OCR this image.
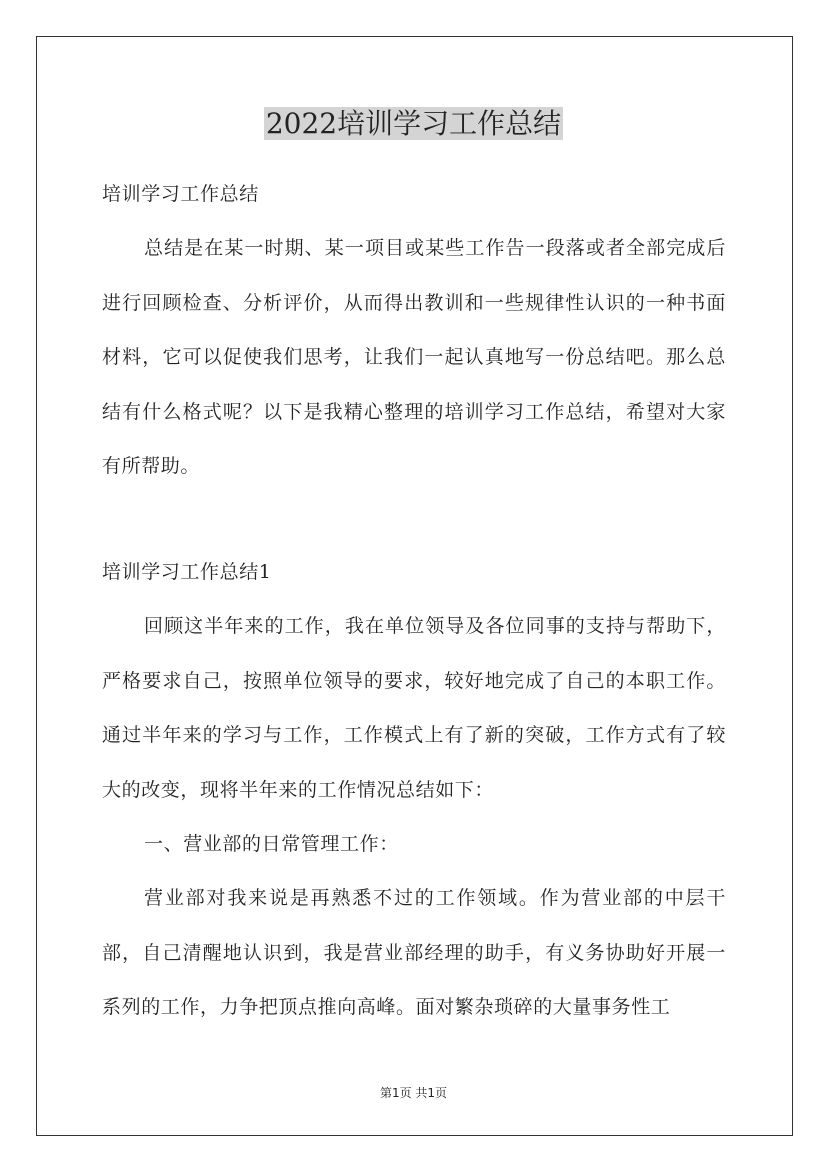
2022培训学习工作总结

培训学习工作总结

总结是在某一时期、某一项目或某些工作告一段落或者全部完成后进行回顾检查、分析评价，从而得出教训和一些规律性认识的一种书面材料，它可以促使我们思考，让我们一起认真地写一份总结吧。那么总结有什么格式呢？以下是我精心整理的培训学习工作总结，希望对大家有所帮助。

培训学习工作总结1

回顾这半年来的工作，我在单位领导及各位同事的支持与帮助下，严格要求自己，按照单位领导的要求，较好地完成了自己的本职工作。通过半年来的学习与工作，工作模式上有了新的突破，工作方式有了较大的改变，现将半年来的工作情况总结如下：

一、营业部的日常管理工作：

营业部对我来说是再熟悉不过的工作领域。作为营业部的中层干部，自己清醒地认识到，我是营业部经理的助手，有义务协助好开展一系列的工作，力争把顶点推向高峰。面对繁杂琐碎的大量事务性工

第1页 共1页
